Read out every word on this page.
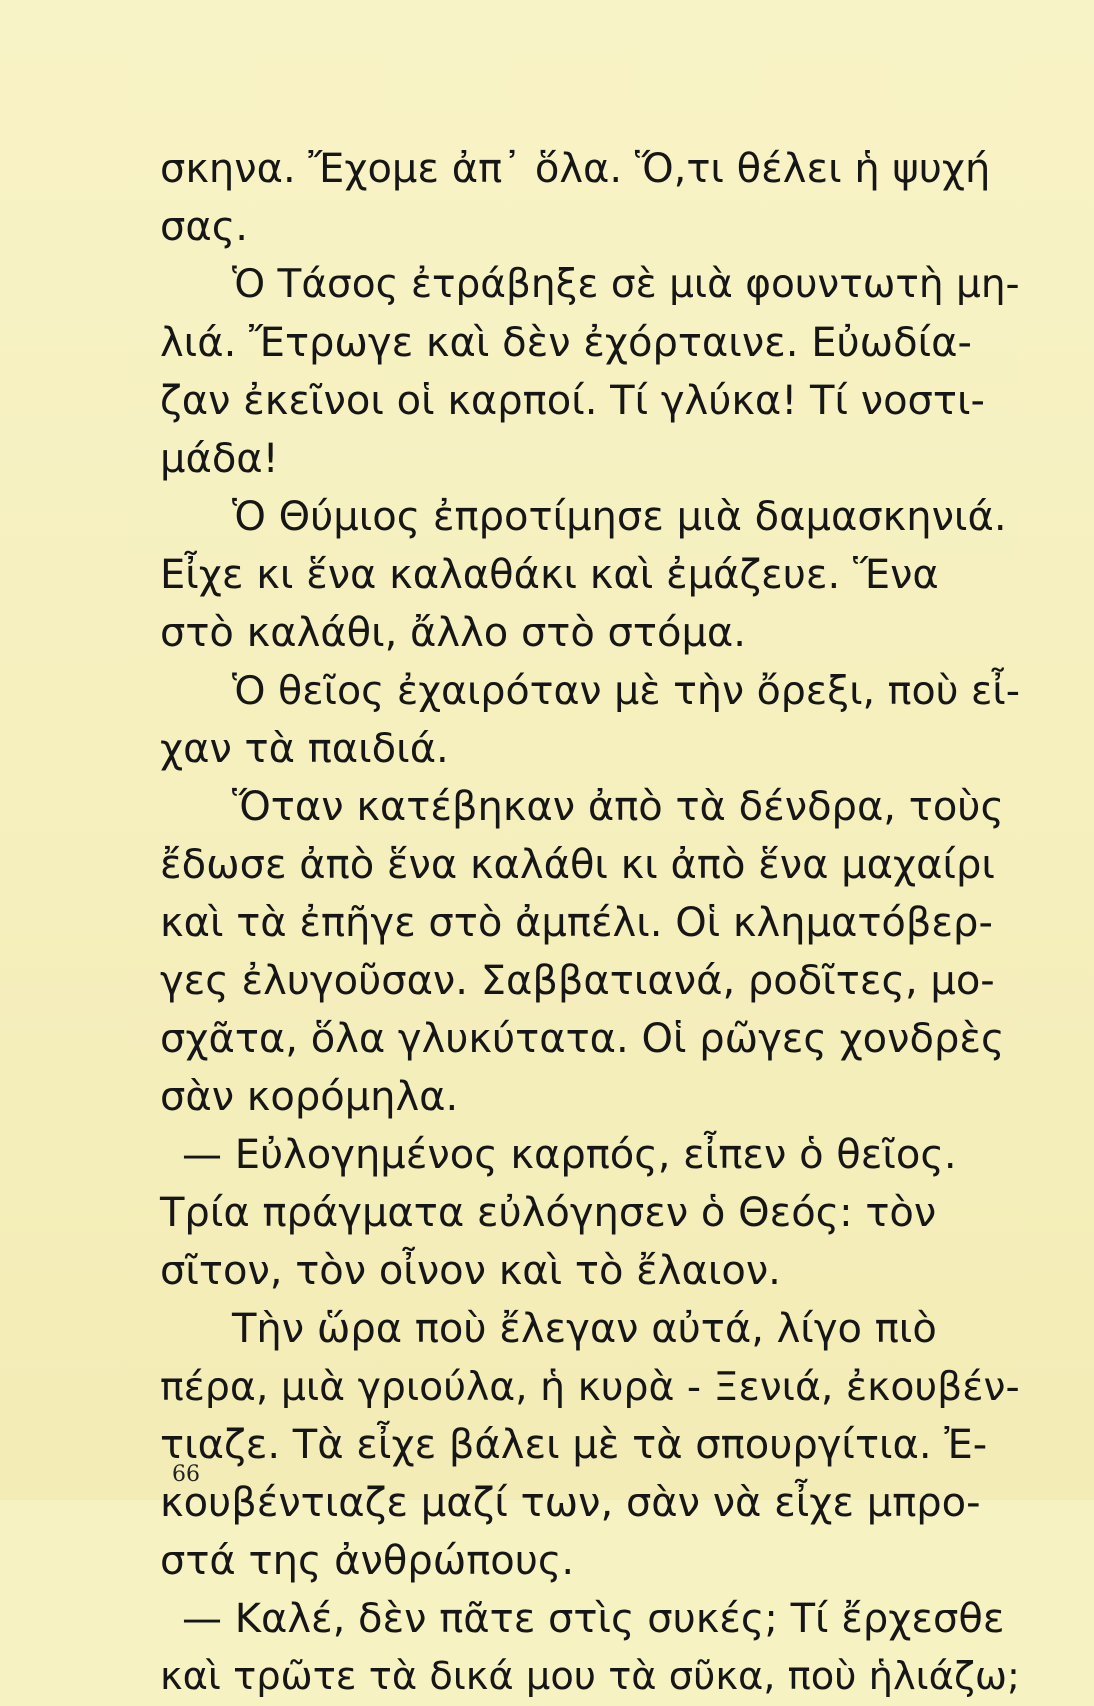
σκηνα. Ἔχομε ἀπ᾿ ὅλα. Ὅ,τι θέλει ἡ ψυχή
σας.
Ὁ Τάσος ἐτράβηξε σὲ μιὰ φουντωτὴ μη-
λιά. Ἔτρωγε καὶ δὲν ἐχόρταινε. Εὐωδία-
ζαν ἐκεῖνοι οἱ καρποί. Τί γλύκα! Τί νοστι-
μάδα!
Ὁ Θύμιος ἐπροτίμησε μιὰ δαμασκηνιά.
Εἶχε κι ἕνα καλαθάκι καὶ ἐμάζευε. Ἕνα
στὸ καλάθι, ἄλλο στὸ στόμα.
Ὁ θεῖος ἐχαιρόταν μὲ τὴν ὄρεξι, ποὺ εἶ-
χαν τὰ παιδιά.
Ὅταν κατέβηκαν ἀπὸ τὰ δένδρα, τοὺς
ἔδωσε ἀπὸ ἕνα καλάθι κι ἀπὸ ἕνα μαχαίρι
καὶ τὰ ἐπῆγε στὸ ἀμπέλι. Οἱ κληματόβερ-
γες ἐλυγοῦσαν. Σαββατιανά, ροδῖτες, μο-
σχᾶτα, ὅλα γλυκύτατα. Οἱ ρῶγες χονδρὲς
σὰν κορόμηλα.
— Εὐλογημένος καρπός, εἶπεν ὁ θεῖος.
Τρία πράγματα εὐλόγησεν ὁ Θεός: τὸν
σῖτον, τὸν οἶνον καὶ τὸ ἔλαιον.
Τὴν ὥρα ποὺ ἔλεγαν αὐτά, λίγο πιὸ
πέρα, μιὰ γριούλα, ἡ κυρὰ - Ξενιά, ἐκουβέν-
τιαζε. Τὰ εἶχε βάλει μὲ τὰ σπουργίτια. Ἐ-
κουβέντιαζε μαζί των, σὰν νὰ εἶχε μπρο-
στά της ἀνθρώπους.
— Καλέ, δὲν πᾶτε στὶς συκές; Τί ἔρχεσθε
καὶ τρῶτε τὰ δικά μου τὰ σῦκα, ποὺ ἡλιάζω;
66
